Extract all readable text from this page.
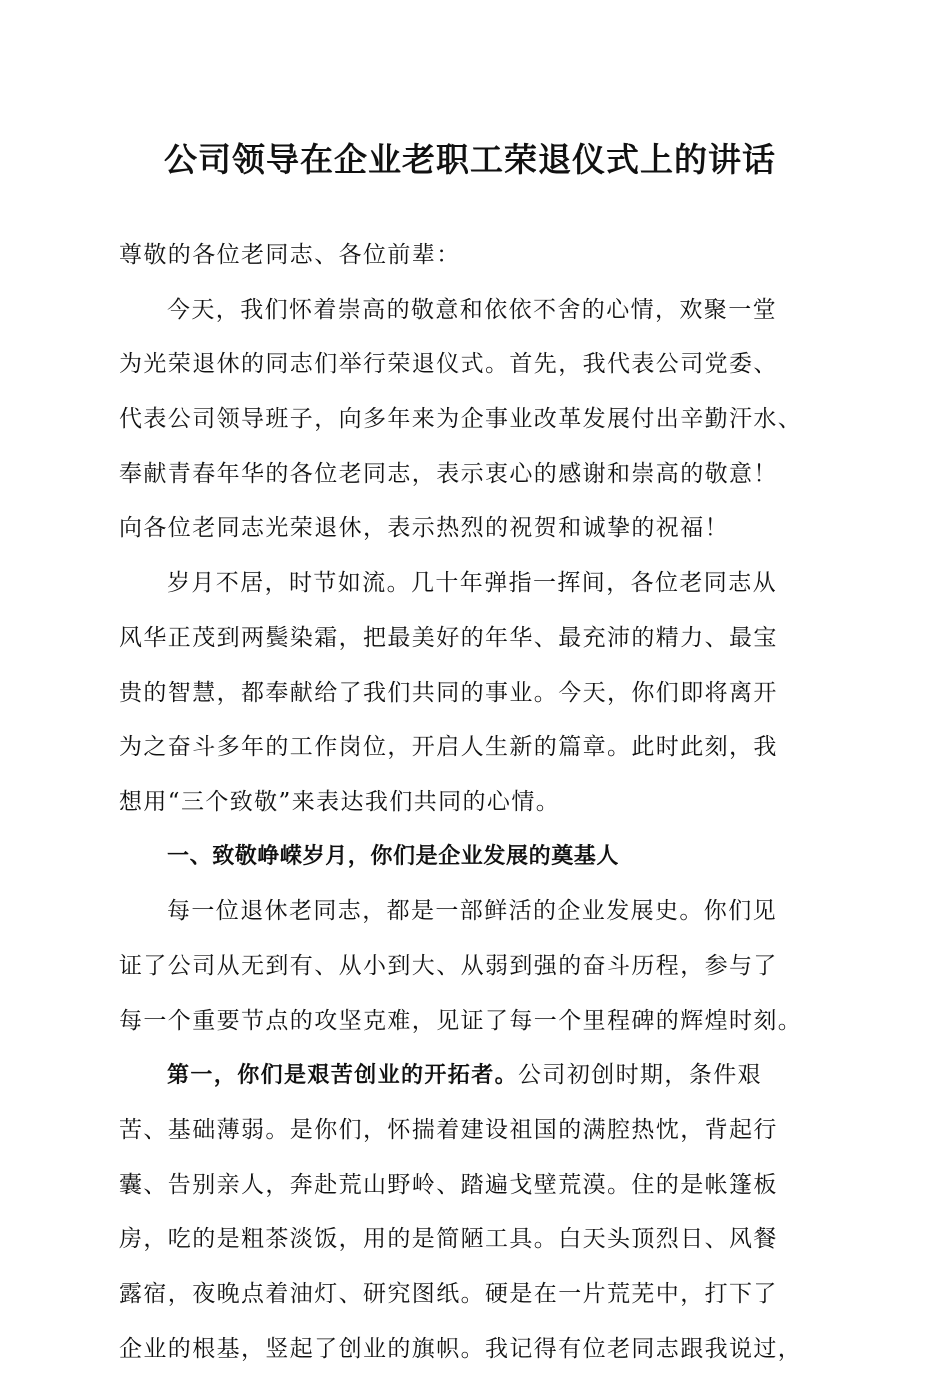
公司领导在企业老职工荣退仪式上的讲话
尊敬的各位老同志、各位前辈：
今天，我们怀着崇高的敬意和依依不舍的心情，欢聚一堂
为光荣退休的同志们举行荣退仪式。首先，我代表公司党委、
代表公司领导班子，向多年来为企事业改革发展付出辛勤汗水、
奉献青春年华的各位老同志，表示衷心的感谢和崇高的敬意！
向各位老同志光荣退休，表示热烈的祝贺和诚挚的祝福！
岁月不居，时节如流。几十年弹指一挥间，各位老同志从
风华正茂到两鬓染霜，把最美好的年华、最充沛的精力、最宝
贵的智慧，都奉献给了我们共同的事业。今天，你们即将离开
为之奋斗多年的工作岗位，开启人生新的篇章。此时此刻，我
想用“三个致敬”来表达我们共同的心情。
一、致敬峥嵘岁月，你们是企业发展的奠基人
每一位退休老同志，都是一部鲜活的企业发展史。你们见
证了公司从无到有、从小到大、从弱到强的奋斗历程，参与了
每一个重要节点的攻坚克难，见证了每一个里程碑的辉煌时刻。
第一，你们是艰苦创业的开拓者。公司初创时期，条件艰
苦、基础薄弱。是你们，怀揣着建设祖国的满腔热忱，背起行
囊、告别亲人，奔赴荒山野岭、踏遍戈壁荒漠。住的是帐篷板
房，吃的是粗茶淡饭，用的是简陋工具。白天头顶烈日、风餐
露宿，夜晚点着油灯、研究图纸。硬是在一片荒芜中，打下了
企业的根基，竖起了创业的旗帜。我记得有位老同志跟我说过，
